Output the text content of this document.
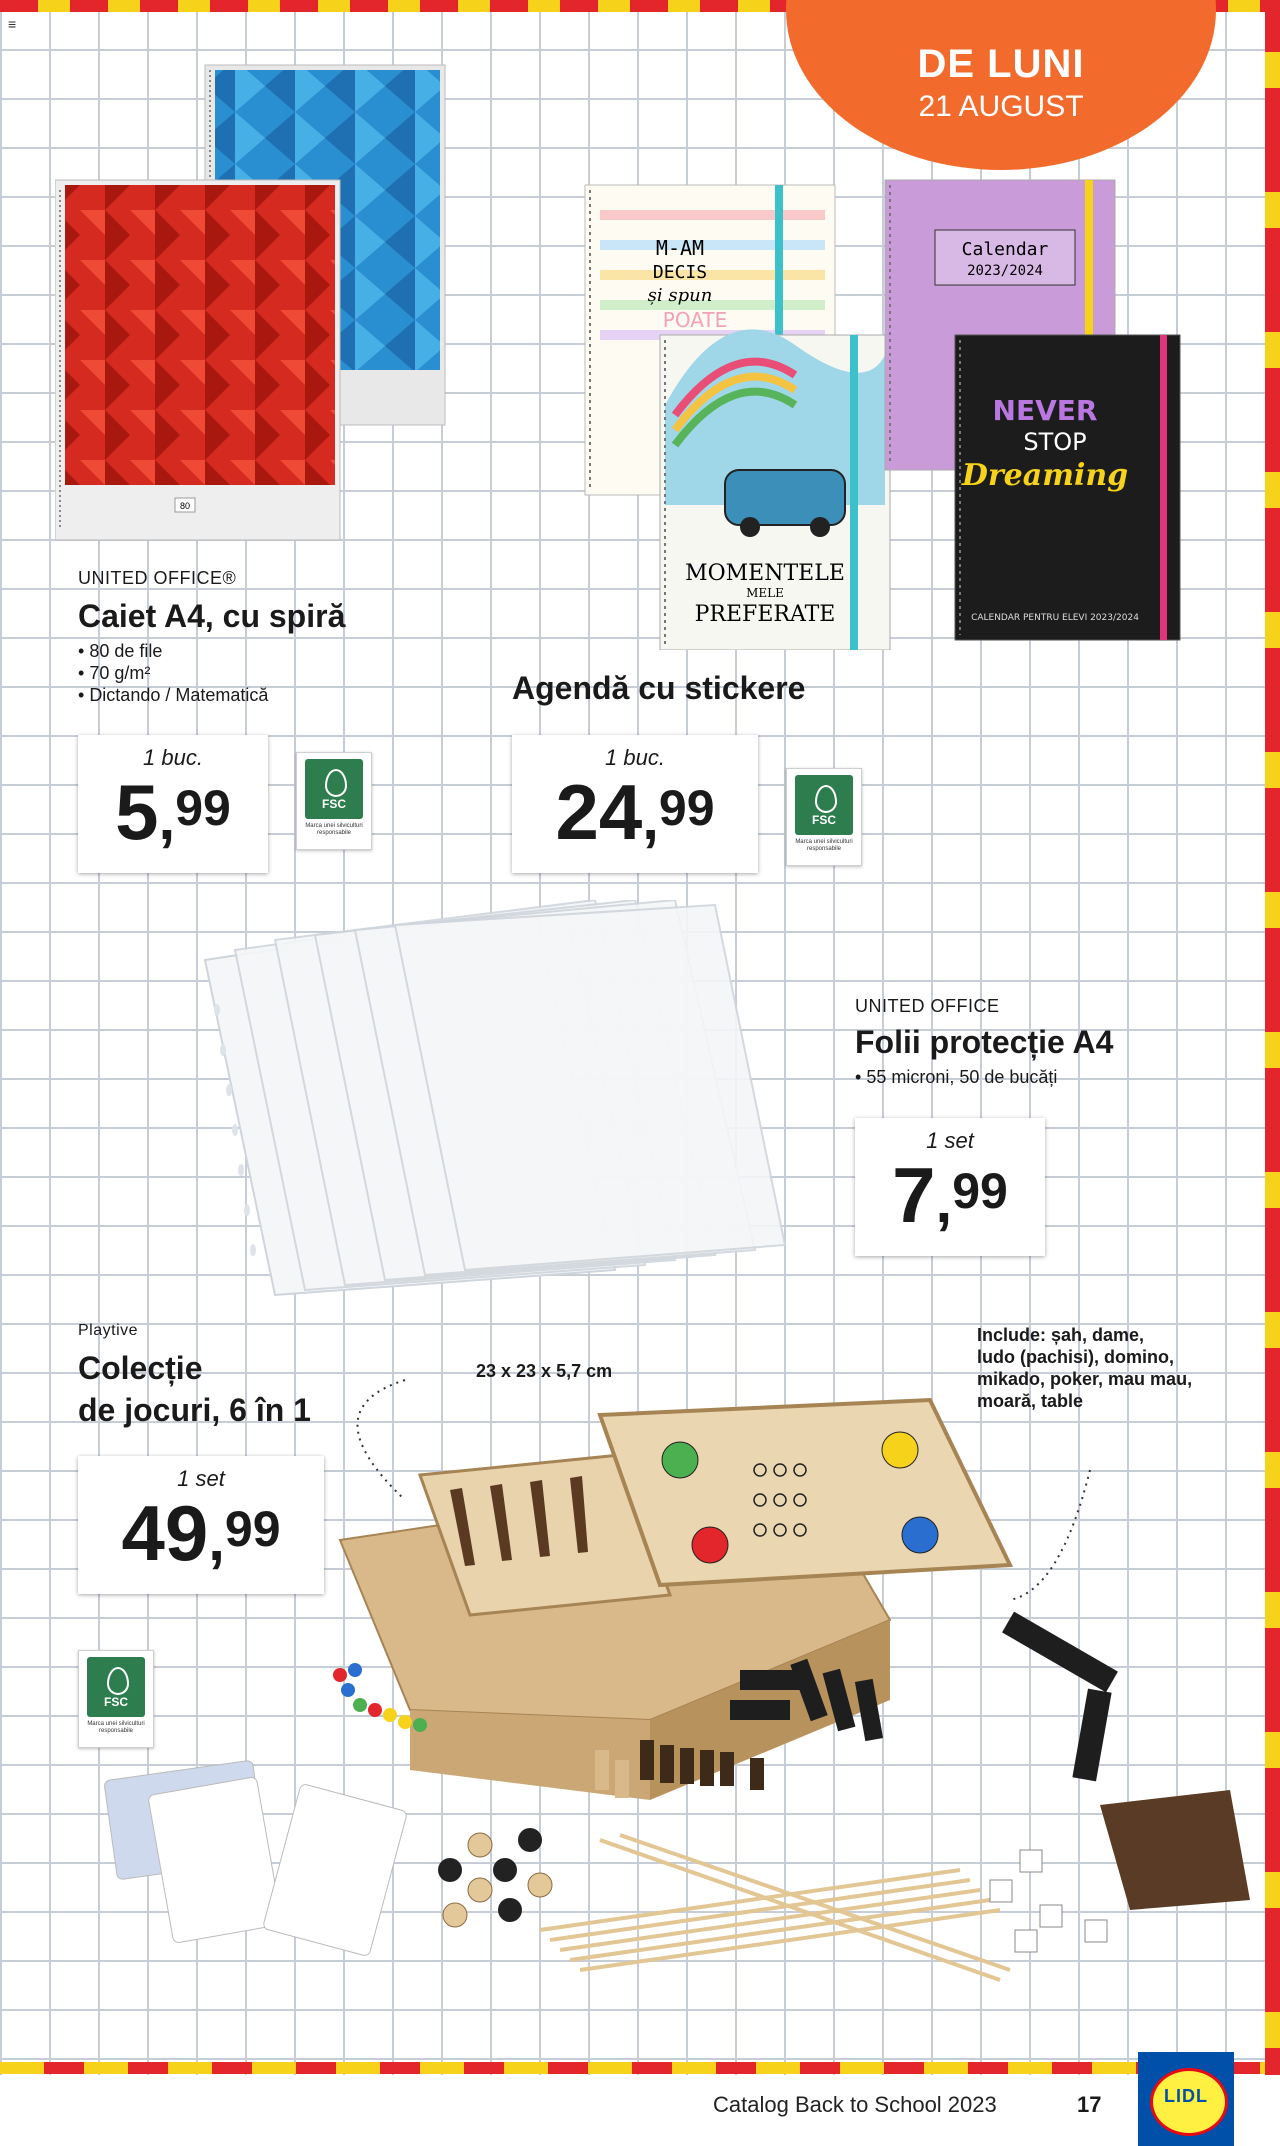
≡
DE LUNI
21 AUGUST
80
UNITED OFFICE®
Caiet A4, cu spiră
• 80 de file
• 70 g/m²
• Dictando / Matematică
1 buc.
5,99	FSC
Marca unei silviculturi responsabile
M-AM
DECIS
și spun
POATE
MOMENTELE
MELE
PREFERATE
Calendar
2023/2024
NEVER
STOP
Dreaming
CALENDAR PENTRU ELEVI 2023/2024
Agendă cu stickere
1 buc.
24,99	FSC
Marca unei silviculturi responsabile
UNITED OFFICE
Folii protecție A4
• 55 microni, 50 de bucăți
1 set
7,99
Playtive
Colecție
de jocuri, 6 în 1
1 set
49,99
FSC
Marca unei silviculturi responsabile
23 x 23 x 5,7 cm
Include: șah, dame,
ludo (pachisi), domino,
mikado, poker, mau mau,
moară, table
Catalog Back to School 2023	17	LIDL
